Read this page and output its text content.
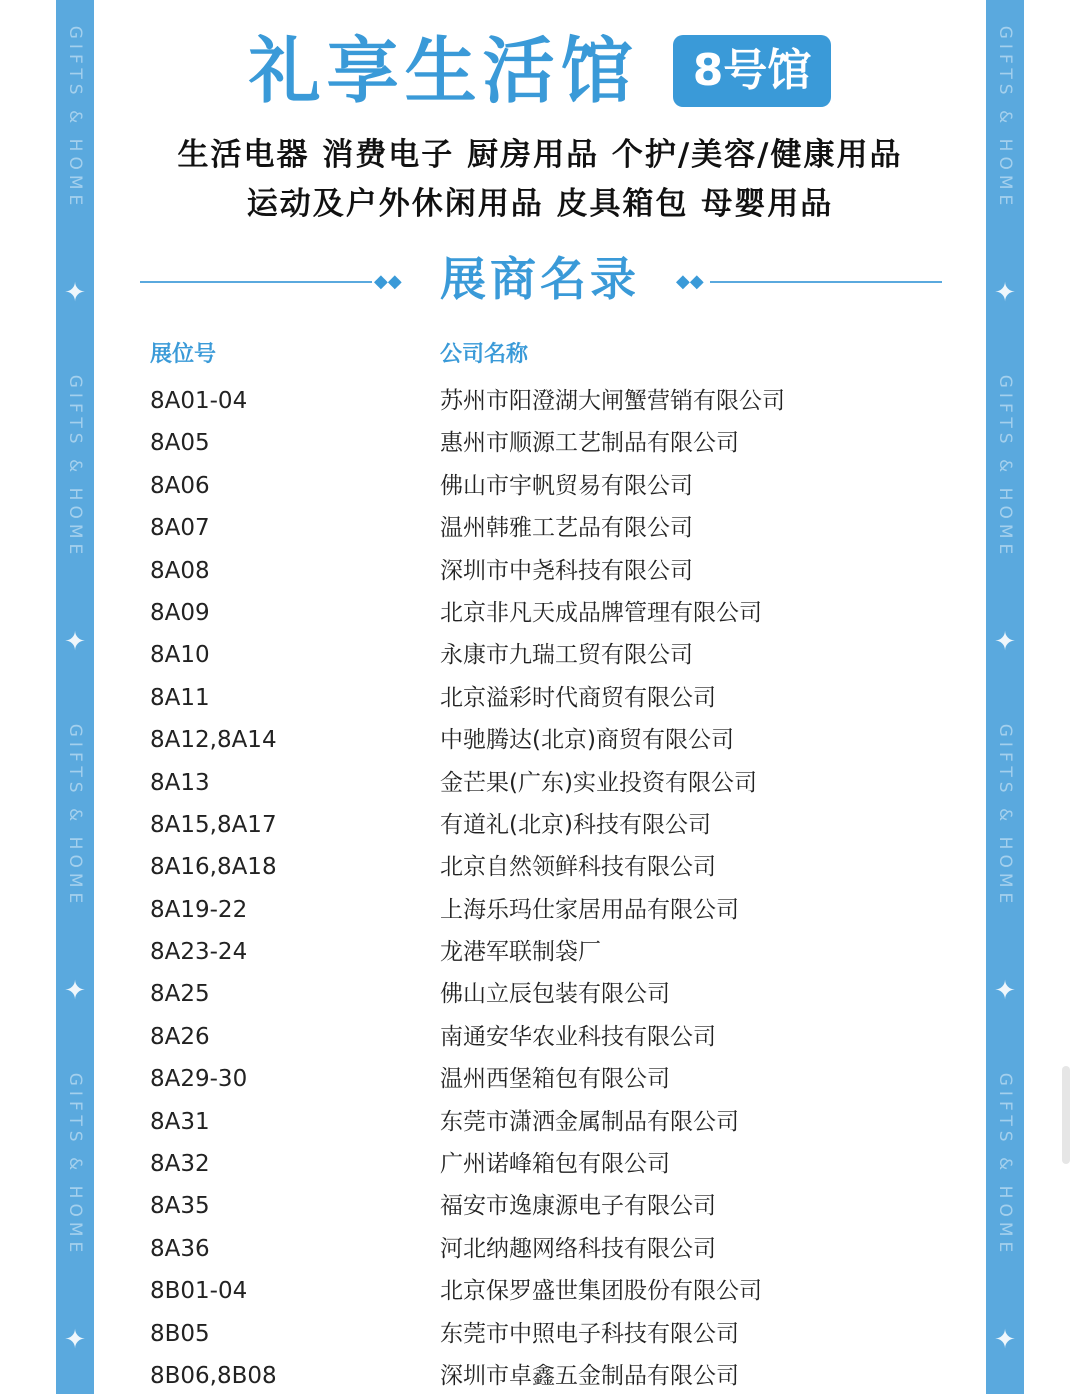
GIFTS & HOME
✦
GIFTS & HOME
✦
GIFTS & HOME
✦
GIFTS & HOME
✦
GIFTS & HOME
✦
GIFTS & HOME
✦
GIFTS & HOME
✦
GIFTS & HOME
✦
礼享生活馆	8号馆
生活电器 消费电子 厨房用品 个护/美容/健康用品
运动及户外休闲用品 皮具箱包 母婴用品
◆◆ 展商名录	◆◆
展位号	公司名称
8A01-04	苏州市阳澄湖大闸蟹营销有限公司
8A05	惠州市顺源工艺制品有限公司
8A06	佛山市宇帆贸易有限公司
8A07	温州韩雅工艺品有限公司
8A08	深圳市中尧科技有限公司
8A09	北京非凡天成品牌管理有限公司
8A10	永康市九瑞工贸有限公司
8A11	北京溢彩时代商贸有限公司
8A12,8A14	中驰腾达(北京)商贸有限公司
8A13	金芒果(广东)实业投资有限公司
8A15,8A17	有道礼(北京)科技有限公司
8A16,8A18	北京自然领鲜科技有限公司
8A19-22	上海乐玛仕家居用品有限公司
8A23-24	龙港军联制袋厂
8A25	佛山立辰包装有限公司
8A26	南通安华农业科技有限公司
8A29-30	温州西堡箱包有限公司
8A31	东莞市潇洒金属制品有限公司
8A32	广州诺峰箱包有限公司
8A35	福安市逸康源电子有限公司
8A36	河北纳趣网络科技有限公司
8B01-04	北京保罗盛世集团股份有限公司
8B05	东莞市中照电子科技有限公司
8B06,8B08	深圳市卓鑫五金制品有限公司
